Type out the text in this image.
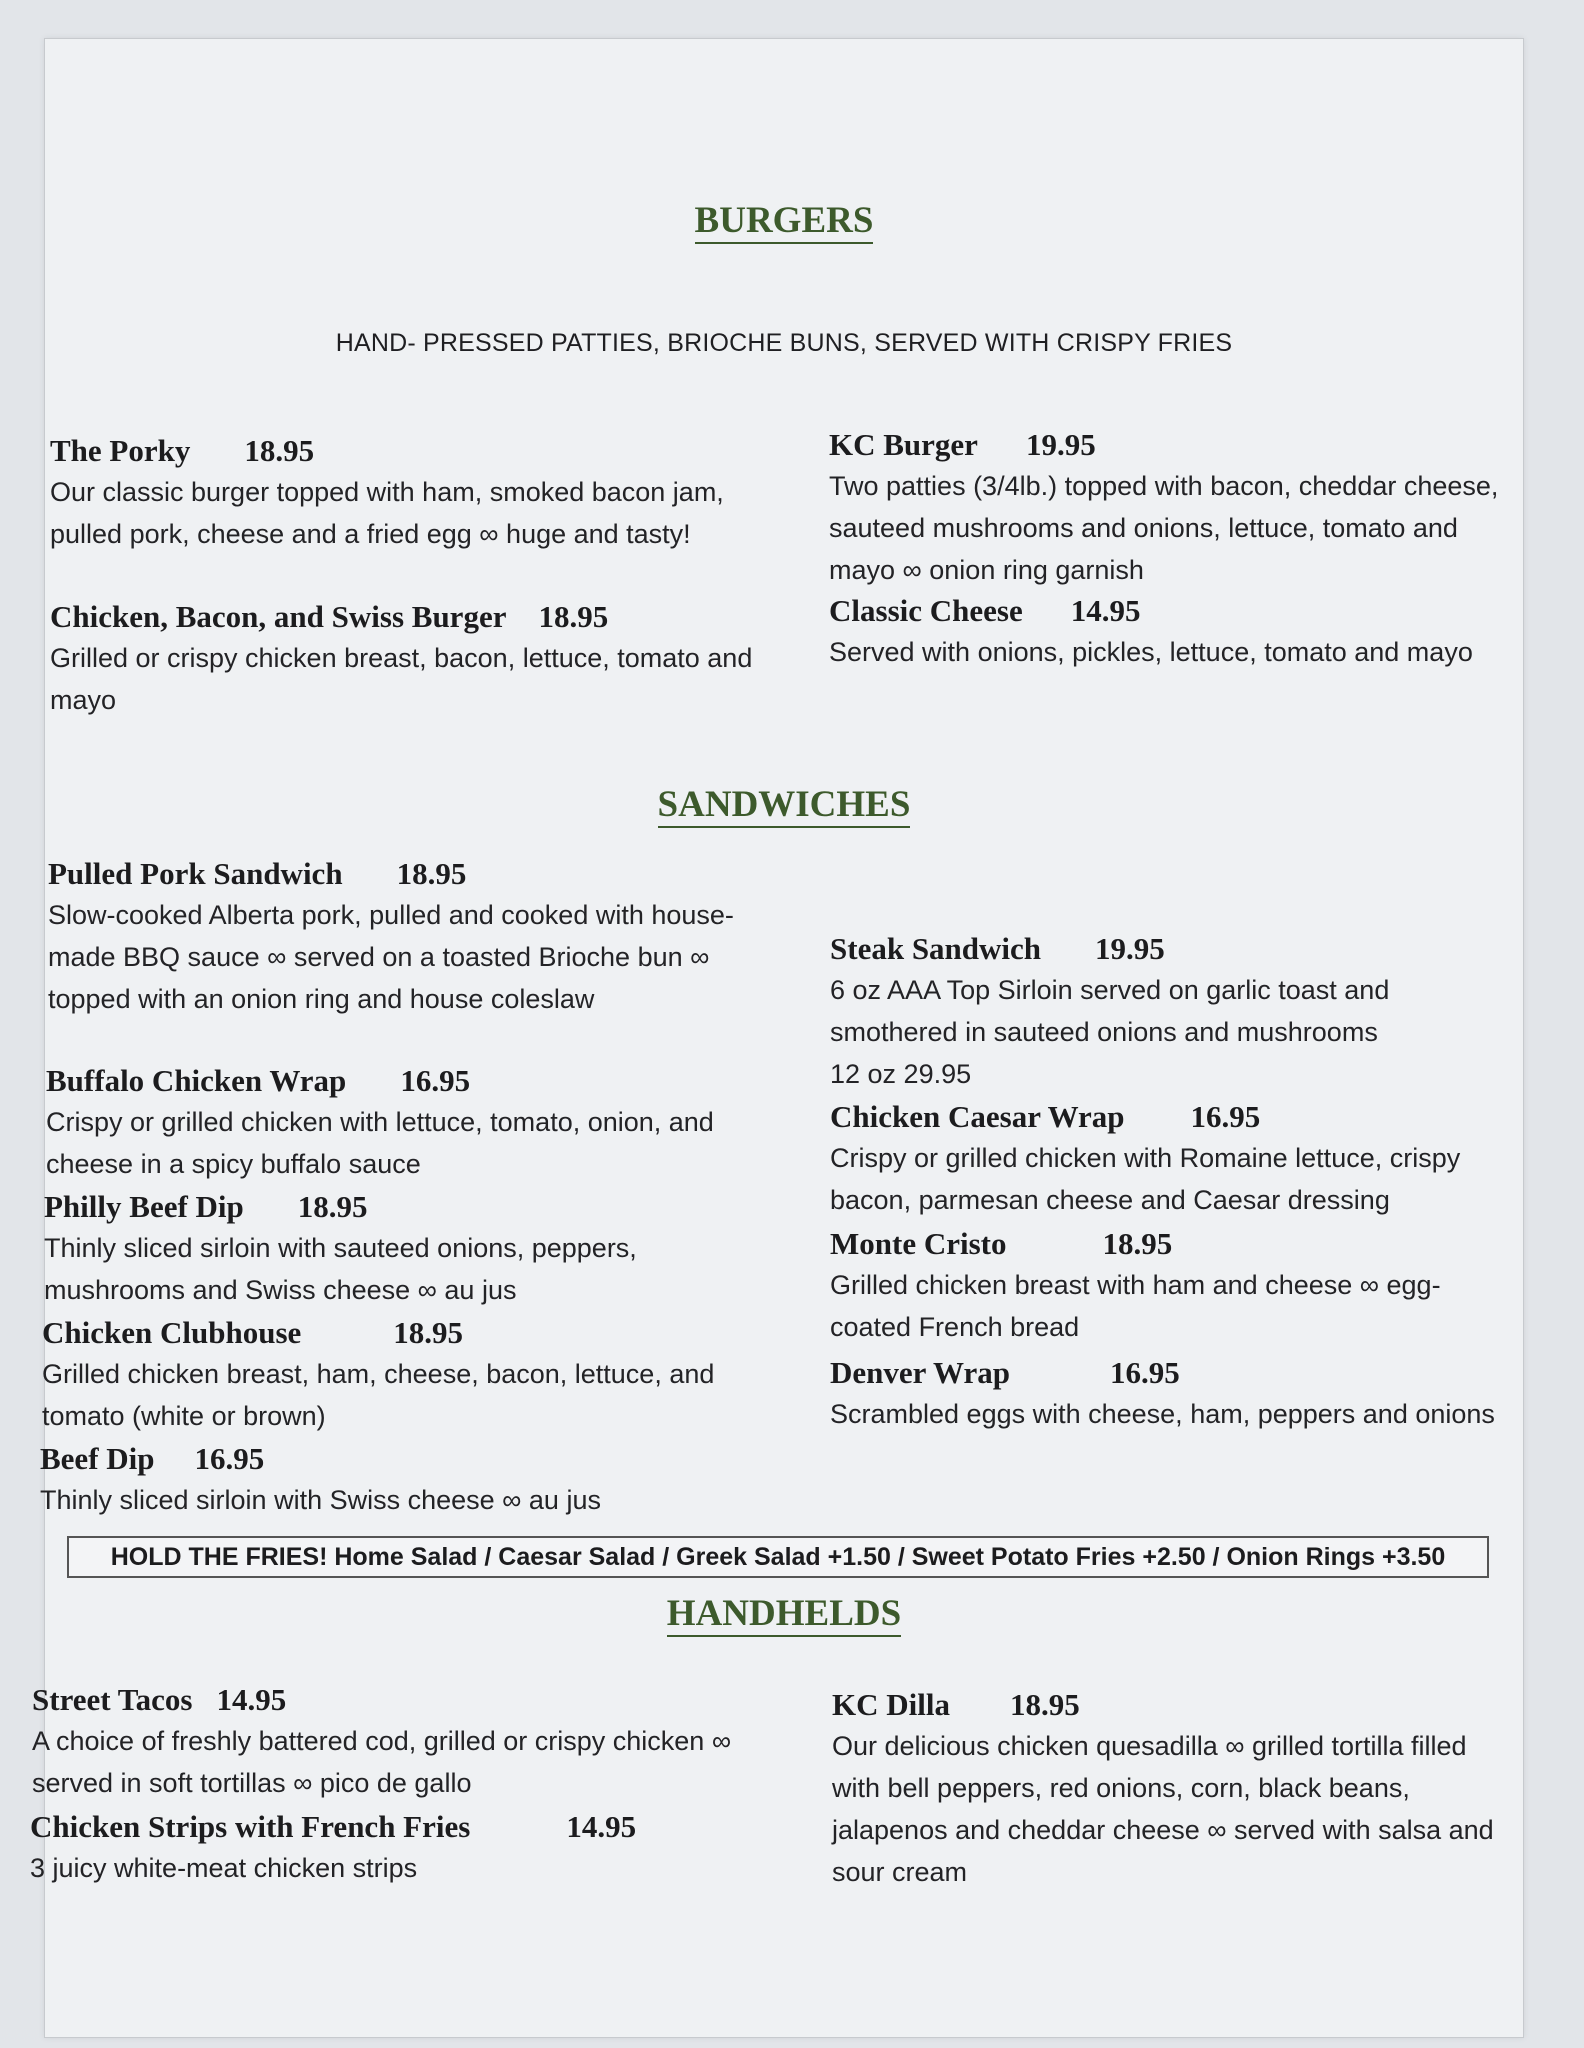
BURGERS
HAND- PRESSED PATTIES, BRIOCHE BUNS, SERVED WITH CRISPY FRIES
The Porky 18.95
Our classic burger topped with ham, smoked bacon jam, pulled pork, cheese and a fried egg ∞ huge and tasty!
Chicken, Bacon, and Swiss Burger 18.95
Grilled or crispy chicken breast, bacon, lettuce, tomato and mayo
KC Burger 19.95
Two patties (3/4lb.) topped with bacon, cheddar cheese, sauteed mushrooms and onions, lettuce, tomato and mayo ∞ onion ring garnish
Classic Cheese 14.95
Served with onions, pickles, lettuce, tomato and mayo
SANDWICHES
Pulled Pork Sandwich 18.95
Slow-cooked Alberta pork, pulled and cooked with house-made BBQ sauce ∞ served on a toasted Brioche bun ∞ topped with an onion ring and house coleslaw
Buffalo Chicken Wrap 16.95
Crispy or grilled chicken with lettuce, tomato, onion, and cheese in a spicy buffalo sauce
Philly Beef Dip 18.95
Thinly sliced sirloin with sauteed onions, peppers, mushrooms and Swiss cheese ∞ au jus
Chicken Clubhouse	18.95
Grilled chicken breast, ham, cheese, bacon, lettuce, and tomato (white or brown)
Beef Dip 16.95
Thinly sliced sirloin with Swiss cheese ∞ au jus
Steak Sandwich 19.95
6 oz AAA Top Sirloin served on garlic toast and smothered in sauteed onions and mushrooms
12 oz 29.95
Chicken Caesar Wrap 16.95
Crispy or grilled chicken with Romaine lettuce, crispy bacon, parmesan cheese and Caesar dressing
Monte Cristo	18.95
Grilled chicken breast with ham and cheese ∞ egg-coated French bread
Denver Wrap	16.95
Scrambled eggs with cheese, ham, peppers and onions
HOLD THE FRIES! Home Salad / Caesar Salad / Greek Salad +1.50 / Sweet Potato Fries +2.50 / Onion Rings +3.50
HANDHELDS
Street Tacos 14.95
A choice of freshly battered cod, grilled or crispy chicken ∞ served in soft tortillas ∞ pico de gallo
Chicken Strips with French Fries	14.95
3 juicy white-meat chicken strips
KC Dilla 18.95
Our delicious chicken quesadilla ∞ grilled tortilla filled with bell peppers, red onions, corn, black beans, jalapenos and cheddar cheese ∞ served with salsa and sour cream
